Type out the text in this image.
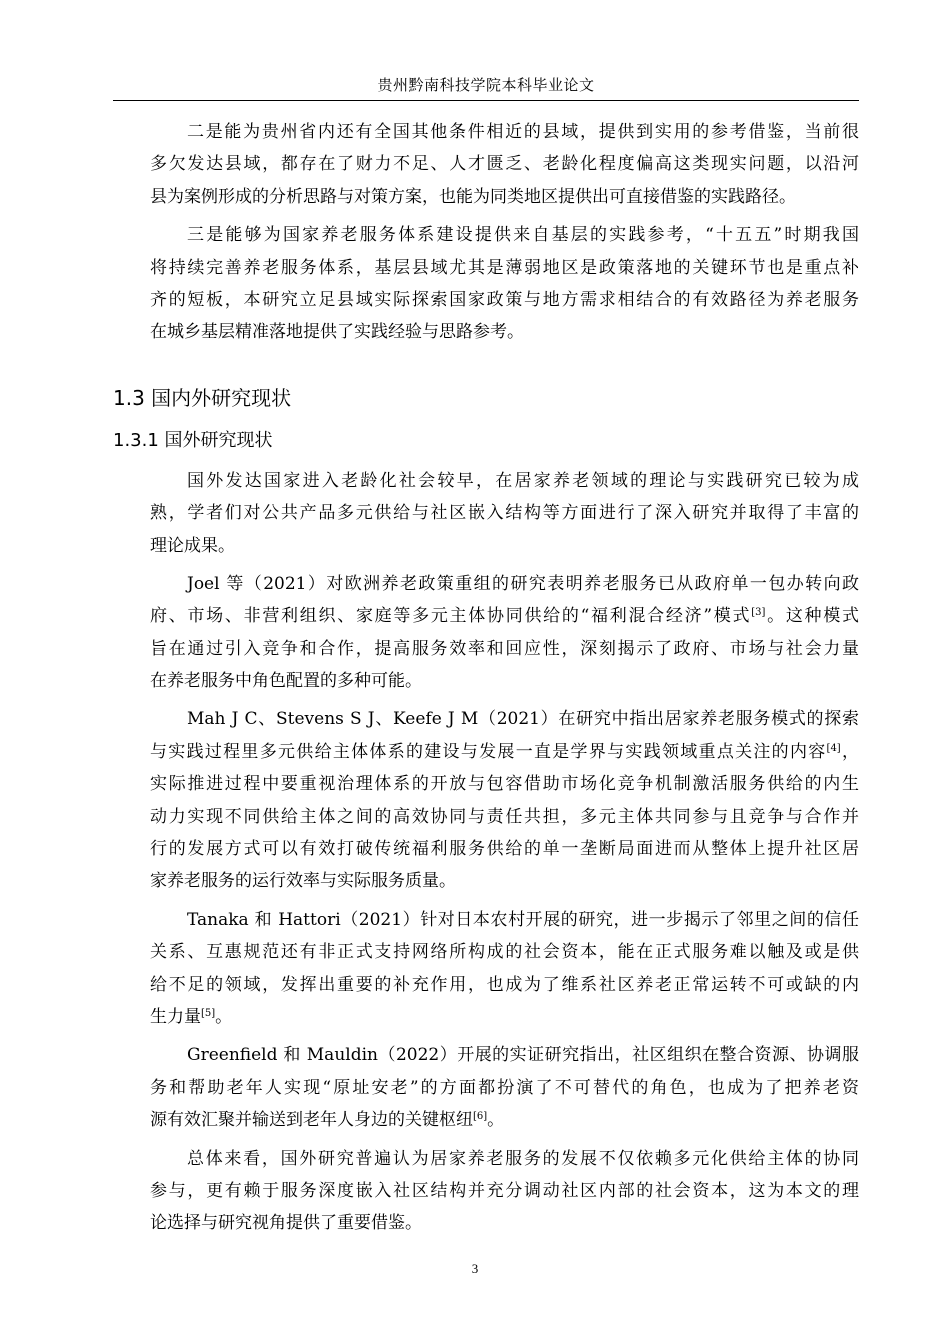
贵州黔南科技学院本科毕业论文
二是能为贵州省内还有全国其他条件相近的县域，提供到实用的参考借鉴，当前很
多欠发达县域，都存在了财力不足、人才匮乏、老龄化程度偏高这类现实问题，以沿河
县为案例形成的分析思路与对策方案，也能为同类地区提供出可直接借鉴的实践路径。
三是能够为国家养老服务体系建设提供来自基层的实践参考，“十五五”时期我国
将持续完善养老服务体系，基层县域尤其是薄弱地区是政策落地的关键环节也是重点补
齐的短板，本研究立足县域实际探索国家政策与地方需求相结合的有效路径为养老服务
在城乡基层精准落地提供了实践经验与思路参考。
1.3 国内外研究现状
1.3.1 国外研究现状
国外发达国家进入老龄化社会较早，在居家养老领域的理论与实践研究已较为成
熟，学者们对公共产品多元供给与社区嵌入结构等方面进行了深入研究并取得了丰富的
理论成果。
Joel 等（2021）对欧洲养老政策重组的研究表明养老服务已从政府单一包办转向政
府、市场、非营利组织、家庭等多元主体协同供给的“福利混合经济”模式[3]。这种模式
旨在通过引入竞争和合作，提高服务效率和回应性，深刻揭示了政府、市场与社会力量
在养老服务中角色配置的多种可能。
Mah J C、Stevens S J、Keefe J M（2021）在研究中指出居家养老服务模式的探索
与实践过程里多元供给主体体系的建设与发展一直是学界与实践领域重点关注的内容[4]，
实际推进过程中要重视治理体系的开放与包容借助市场化竞争机制激活服务供给的内生
动力实现不同供给主体之间的高效协同与责任共担，多元主体共同参与且竞争与合作并
行的发展方式可以有效打破传统福利服务供给的单一垄断局面进而从整体上提升社区居
家养老服务的运行效率与实际服务质量。
Tanaka 和 Hattori（2021）针对日本农村开展的研究，进一步揭示了邻里之间的信任
关系、互惠规范还有非正式支持网络所构成的社会资本，能在正式服务难以触及或是供
给不足的领域，发挥出重要的补充作用，也成为了维系社区养老正常运转不可或缺的内
生力量[5]。
Greenfield 和 Mauldin（2022）开展的实证研究指出，社区组织在整合资源、协调服
务和帮助老年人实现“原址安老”的方面都扮演了不可替代的角色，也成为了把养老资
源有效汇聚并输送到老年人身边的关键枢纽[6]。
总体来看，国外研究普遍认为居家养老服务的发展不仅依赖多元化供给主体的协同
参与，更有赖于服务深度嵌入社区结构并充分调动社区内部的社会资本，这为本文的理
论选择与研究视角提供了重要借鉴。
3
